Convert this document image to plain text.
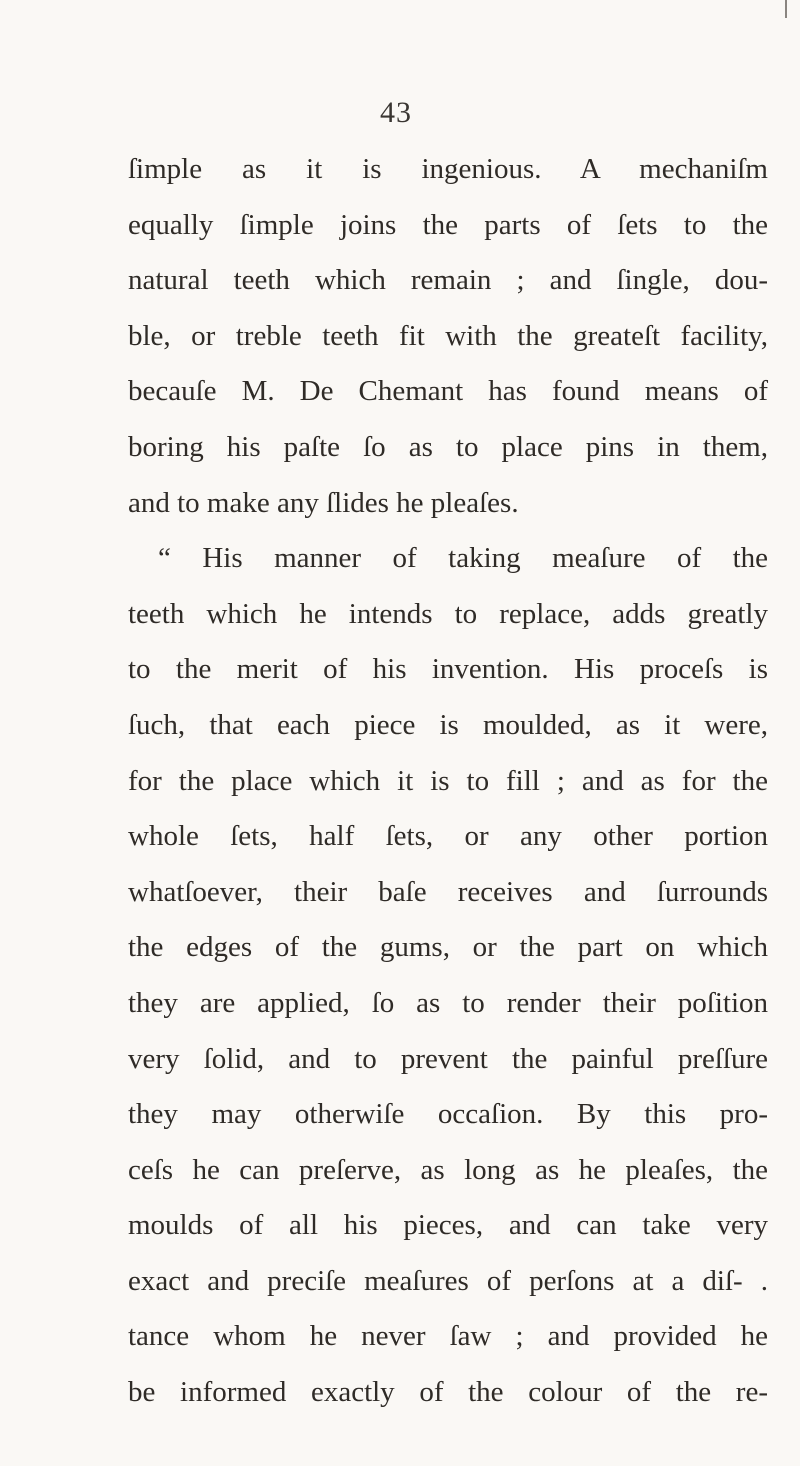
43
ſimple as it is ingenious. A mechaniſm
equally ſimple joins the parts of ſets to the
natural teeth which remain ; and ſingle, dou-
ble, or treble teeth fit with the greateſt facility,
becauſe M. De Chemant has found means of
boring his paſte ſo as to place pins in them,
and to make any ſlides he pleaſes.
“ His manner of taking meaſure of the
teeth which he intends to replace, adds greatly
to the merit of his invention. His proceſs is
ſuch, that each piece is moulded, as it were,
for the place which it is to fill ; and as for the
whole ſets, half ſets, or any other portion
whatſoever, their baſe receives and ſurrounds
the edges of the gums, or the part on which
they are applied, ſo as to render their poſition
very ſolid, and to prevent the painful preſſure
they may otherwiſe occaſion. By this pro-
ceſs he can preſerve, as long as he pleaſes, the
moulds of all his pieces, and can take very
exact and preciſe meaſures of perſons at a diſ- .
tance whom he never ſaw ; and provided he
be informed exactly of the colour of the re-
